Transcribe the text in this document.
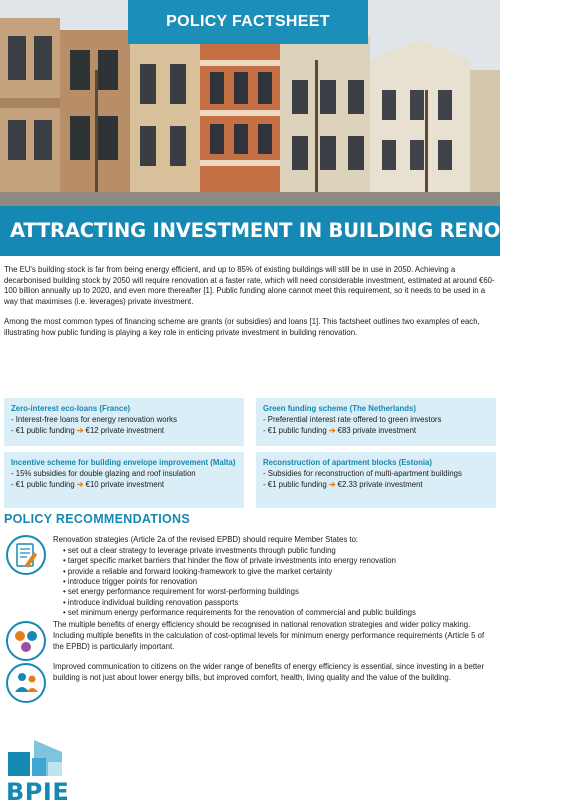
POLICY FACTSHEET
ATTRACTING INVESTMENT IN BUILDING RENOVATION

The EU's building stock is far from being energy efficient, and up to 85% of existing buildings will still be in use in 2050. Achieving a decarbonised building stock by 2050 will require renovation at a faster rate, which will need considerable investment, estimated at around €60-100 billion annually up to 2020, and even more thereafter [1]. Public funding alone cannot meet this requirement, so it needs to be used in a way that maximises (i.e. leverages) private investment.

Among the most common types of financing scheme are grants (or subsidies) and loans [1]. This factsheet outlines two examples of each, illustrating how public funding is playing a key role in enticing private investment in building renovation.

Zero-interest eco-loans (France)
- Interest-free loans for energy renovation works
- €1 public funding ➔ €12 private investment
Green funding scheme (The Netherlands)
- Preferential interest rate offered to green investors
- €1 public funding ➔ €83 private investment
Incentive scheme for building envelope improvement (Malta)
- 15% subsidies for double glazing and roof insulation
- €1 public funding ➔ €10 private investment
Reconstruction of apartment blocks (Estonia)
- Subsidies for reconstruction of multi-apartment buildings
- €1 public funding ➔ €2.33 private investment
POLICY RECOMMENDATIONS
Renovation strategies (Article 2a of the revised EPBD) should require Member States to:
• set out a clear strategy to leverage private investments through public funding
• target specific market barriers that hinder the flow of private investments into energy renovation
• provide a reliable and forward looking-framework to give the market certainty
• introduce trigger points for renovation
• set energy performance requirement for worst-performing buildings
• introduce individual building renovation passports
• set minimum energy performance requirements for the renovation of commercial and public buildings
The multiple benefits of energy efficiency should be recognised in national renovation strategies and wider policy making. Including multiple benefits in the calculation of cost-optimal levels for minimum energy performance requirements (Article 5 of the EPBD) is particularly important.
Improved communication to citizens on the wider range of benefits of energy efficiency is essential, since investing in a better building is not just about lower energy bills, but improved comfort, health, living quality and the value of the building.
BPIE
